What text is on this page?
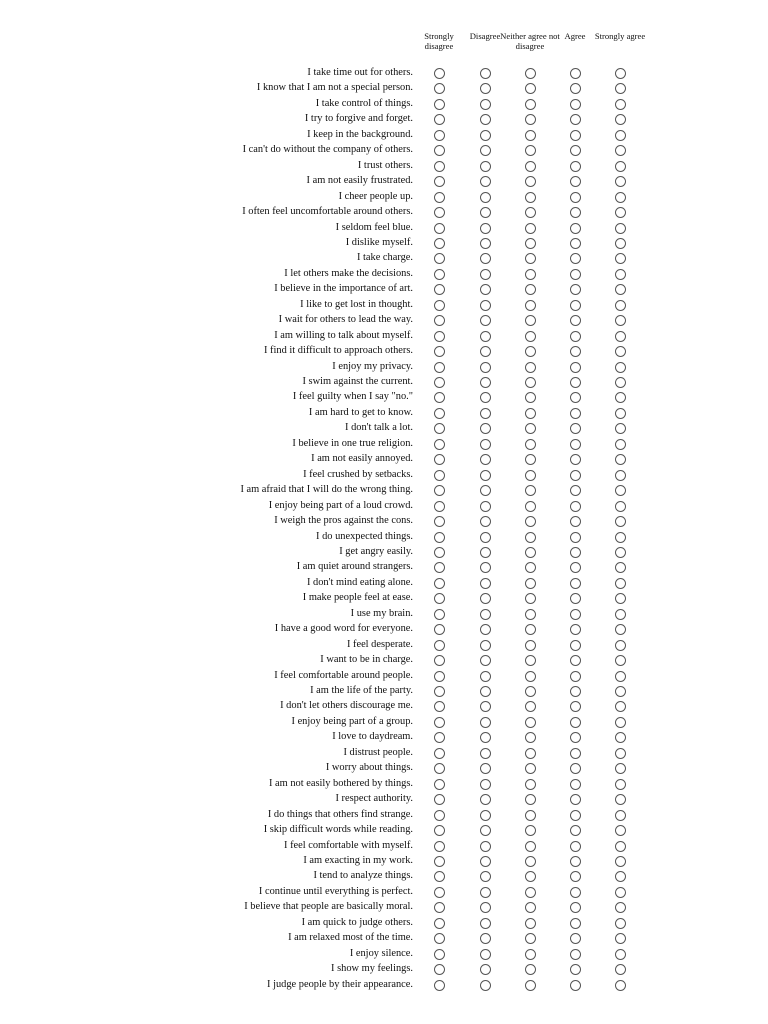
Strongly disagree
Disagree Neither agree not disagree
Agree	Strongly agree
I take time out for others.
I know that I am not a special person.
I take control of things.
I try to forgive and forget.
I keep in the background.
I can't do without the company of others.
I trust others.
I am not easily frustrated.
I cheer people up.
I often feel uncomfortable around others.
I seldom feel blue.
I dislike myself.
I take charge.
I let others make the decisions.
I believe in the importance of art.
I like to get lost in thought.
I wait for others to lead the way.
I am willing to talk about myself.
I find it difficult to approach others.
I enjoy my privacy.
I swim against the current.
I feel guilty when I say "no."
I am hard to get to know.
I don't talk a lot.
I believe in one true religion.
I am not easily annoyed.
I feel crushed by setbacks.
I am afraid that I will do the wrong thing.
I enjoy being part of a loud crowd.
I weigh the pros against the cons.
I do unexpected things.
I get angry easily.
I am quiet around strangers.
I don't mind eating alone.
I make people feel at ease.
I use my brain.
I have a good word for everyone.
I feel desperate.
I want to be in charge.
I feel comfortable around people.
I am the life of the party.
I don't let others discourage me.
I enjoy being part of a group.
I love to daydream.
I distrust people.
I worry about things.
I am not easily bothered by things.
I respect authority.
I do things that others find strange.
I skip difficult words while reading.
I feel comfortable with myself.
I am exacting in my work.
I tend to analyze things.
I continue until everything is perfect.
I believe that people are basically moral.
I am quick to judge others.
I am relaxed most of the time.
I enjoy silence.
I show my feelings.
I judge people by their appearance.
